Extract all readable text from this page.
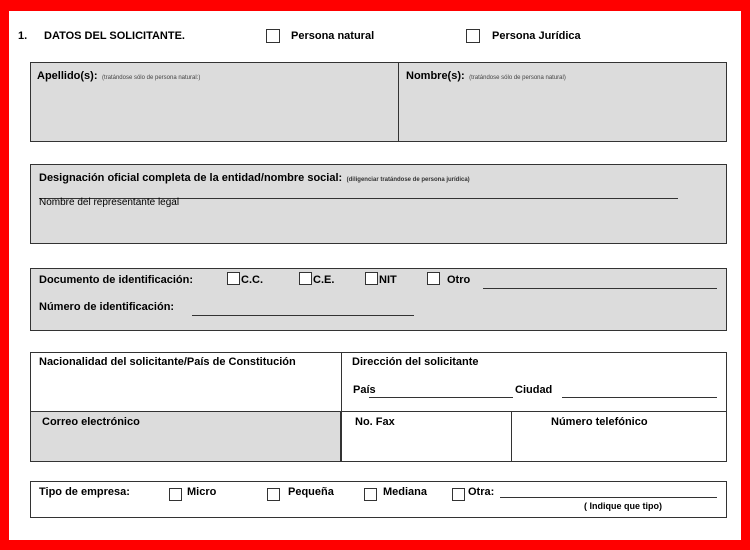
1. DATOS DEL SOLICITANTE.	Persona natural	Persona Jurídica
Apellido(s): (tratándose sólo de persona natural:)	Nombre(s): (tratándose sólo de persona natural)
Designación oficial completa de la entidad/nombre social: (diligenciar tratándose de persona jurídica)
Nombre del representante legal
Documento de identificación:	C.C.	C.E.	NIT	Otro
Número de identificación:
Nacionalidad del solicitante/País de Constitución	Dirección del solicitante
País	Ciudad
Correo electrónico	No. Fax	Número telefónico
Tipo de empresa:	Micro	Pequeña	Mediana	Otra:
( Indique que tipo)
